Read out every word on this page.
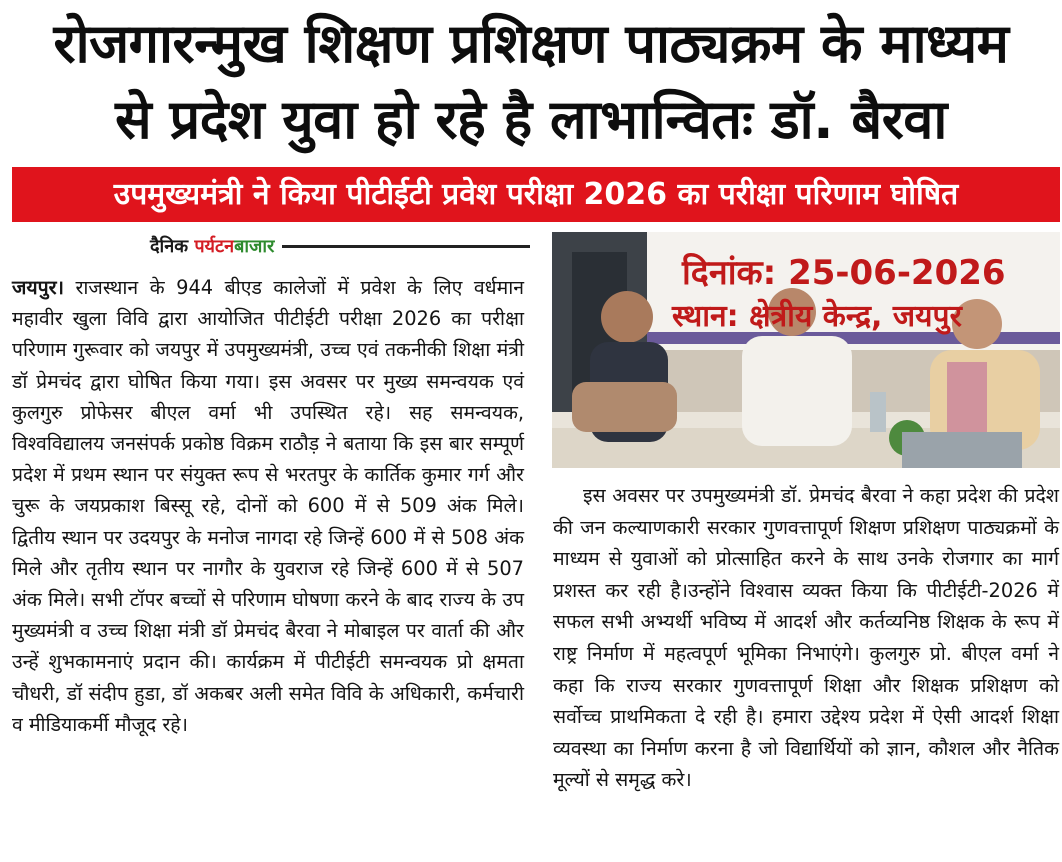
रोजगारन्मुख शिक्षण प्रशिक्षण पाठ्यक्रम के माध्यम
से प्रदेश युवा हो रहे है लाभान्वितः डॉ. बैरवा
उपमुख्यमंत्री ने किया पीटीईटी प्रवेश परीक्षा 2026 का परीक्षा परिणाम घोषित
दैनिक पर्यटनबाजार
जयपुर। राजस्थान के 944 बीएड कालेजों में प्रवेश के लिए वर्धमान महावीर खुला विवि द्वारा आयोजित पीटीईटी परीक्षा 2026 का परीक्षा परिणाम गुरूवार को जयपुर में उपमुख्यमंत्री, उच्च एवं तकनीकी शिक्षा मंत्री डॉ प्रेमचंद द्वारा घोषित किया गया। इस अवसर पर मुख्य समन्वयक एवं कुलगुरु प्रोफेसर बीएल वर्मा भी उपस्थित रहे। सह समन्वयक, विश्वविद्यालय जनसंपर्क प्रकोष्ठ विक्रम राठौड़ ने बताया कि इस बार सम्पूर्ण प्रदेश में प्रथम स्थान पर संयुक्त रूप से भरतपुर के कार्तिक कुमार गर्ग और चुरू के जयप्रकाश बिस्सू रहे, दोनों को 600 में से 509 अंक मिले। द्वितीय स्थान पर उदयपुर के मनोज नागदा रहे जिन्हें 600 में से 508 अंक मिले और तृतीय स्थान पर नागौर के युवराज रहे जिन्हें 600 में से 507 अंक मिले। सभी टॉपर बच्चों से परिणाम घोषणा करने के बाद राज्य के उप मुख्यमंत्री व उच्च शिक्षा मंत्री डॉ प्रेमचंद बैरवा ने मोबाइल पर वार्ता की और उन्हें शुभकामनाएं प्रदान की। कार्यक्रम में पीटीईटी समन्वयक प्रो क्षमता चौधरी, डॉ संदीप हुडा, डॉ अकबर अली समेत विवि के अधिकारी, कर्मचारी व मीडियाकर्मी मौजूद रहे।
दिनांक: 25-06-2026
स्थान: क्षेत्रीय केन्द्र, जयपुर
इस अवसर पर उपमुख्यमंत्री डॉ. प्रेमचंद बैरवा ने कहा प्रदेश की प्रदेश की जन कल्याणकारी सरकार गुणवत्तापूर्ण शिक्षण प्रशिक्षण पाठ्यक्रमों के माध्यम से युवाओं को प्रोत्साहित करने के साथ उनके रोजगार का मार्ग प्रशस्त कर रही है।उन्होंने विश्वास व्यक्त किया कि पीटीईटी-2026 में सफल सभी अभ्यर्थी भविष्य में आदर्श और कर्तव्यनिष्ठ शिक्षक के रूप में राष्ट्र निर्माण में महत्वपूर्ण भूमिका निभाएंगे। कुलगुरु प्रो. बीएल वर्मा ने कहा कि राज्य सरकार गुणवत्तापूर्ण शिक्षा और शिक्षक प्रशिक्षण को सर्वोच्च प्राथमिकता दे रही है। हमारा उद्देश्य प्रदेश में ऐसी आदर्श शिक्षा व्यवस्था का निर्माण करना है जो विद्यार्थियों को ज्ञान, कौशल और नैतिक मूल्यों से समृद्ध करे।
